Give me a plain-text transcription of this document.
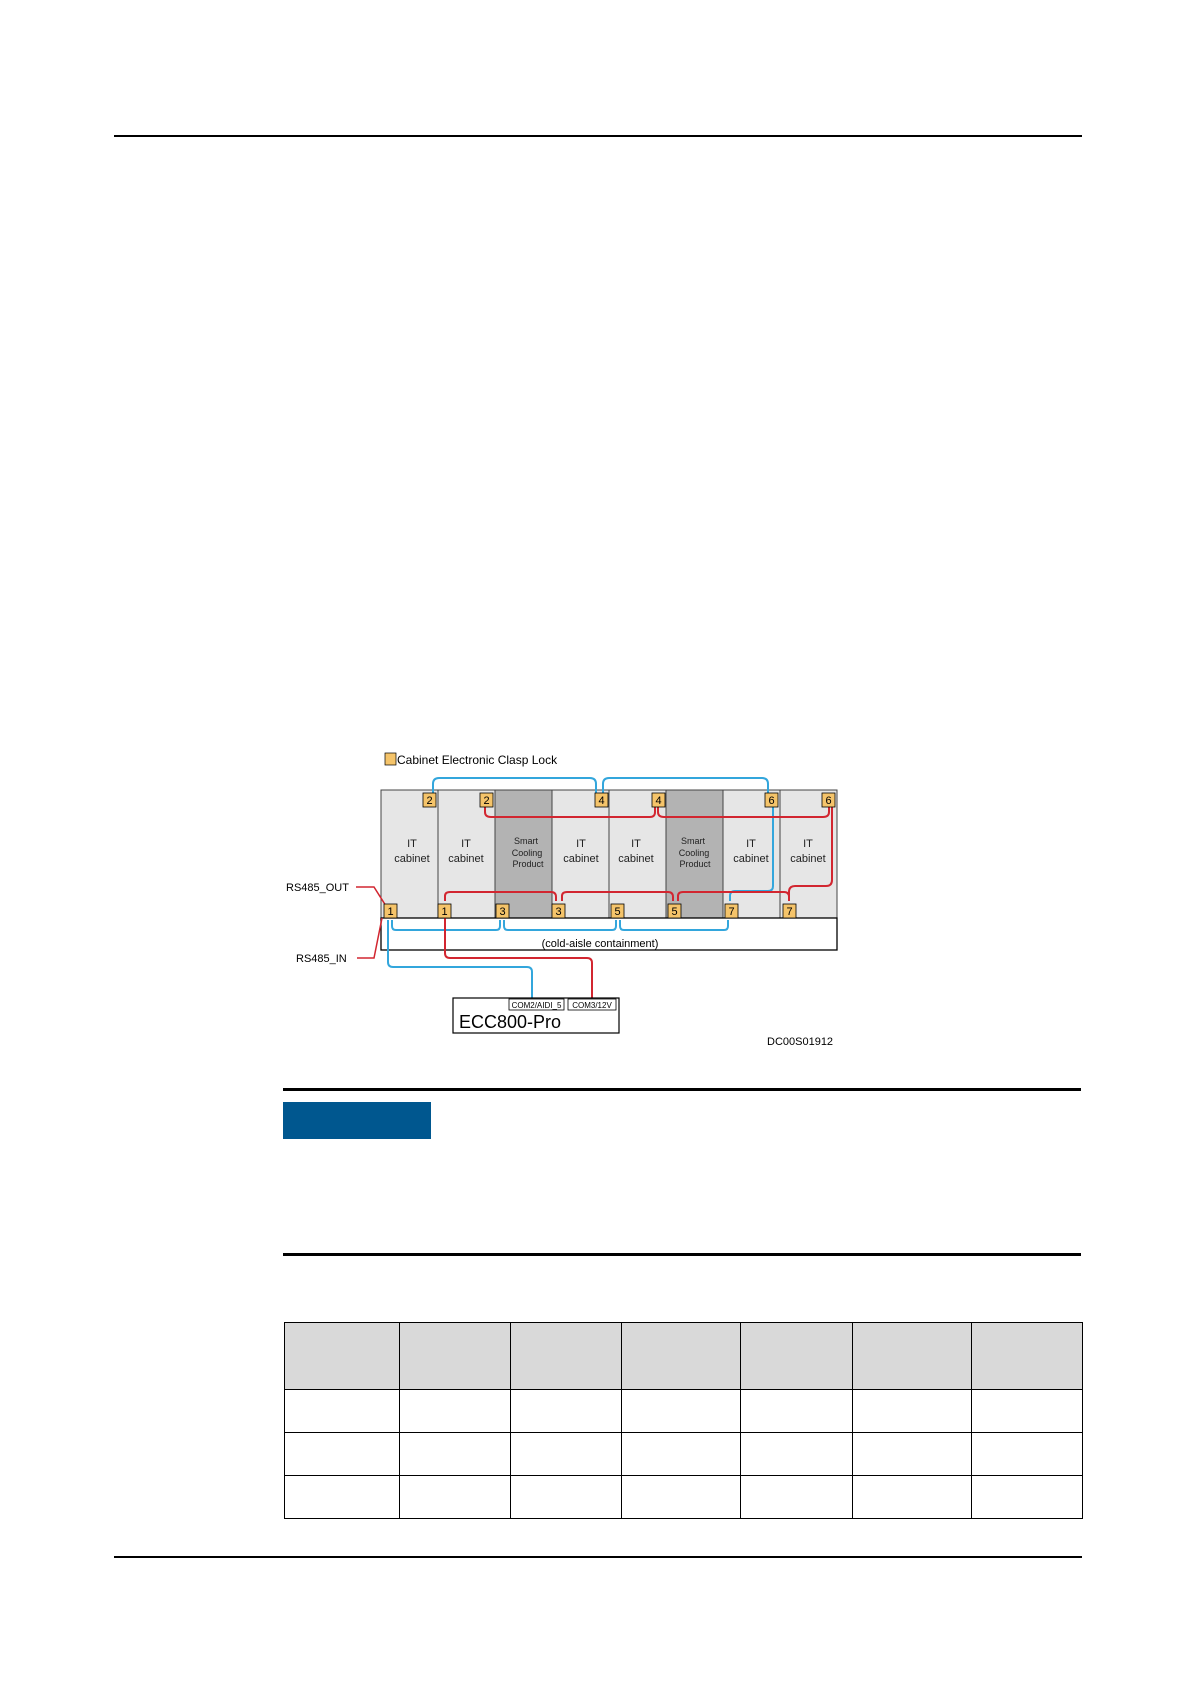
Cabinet Electronic Clasp Lock
IT
cabinet
IT
cabinet
Smart
Cooling
Product
IT
cabinet
IT
cabinet
Smart
Cooling
Product
IT
cabinet
IT
cabinet
(cold-aisle containment)
RS485_OUT
RS485_IN
2	2	4	4	6	6
1	1	3	3	5	5	7	7
COM2/AIDI_5 COM3/12V
ECC800-Pro
DC00S01912
